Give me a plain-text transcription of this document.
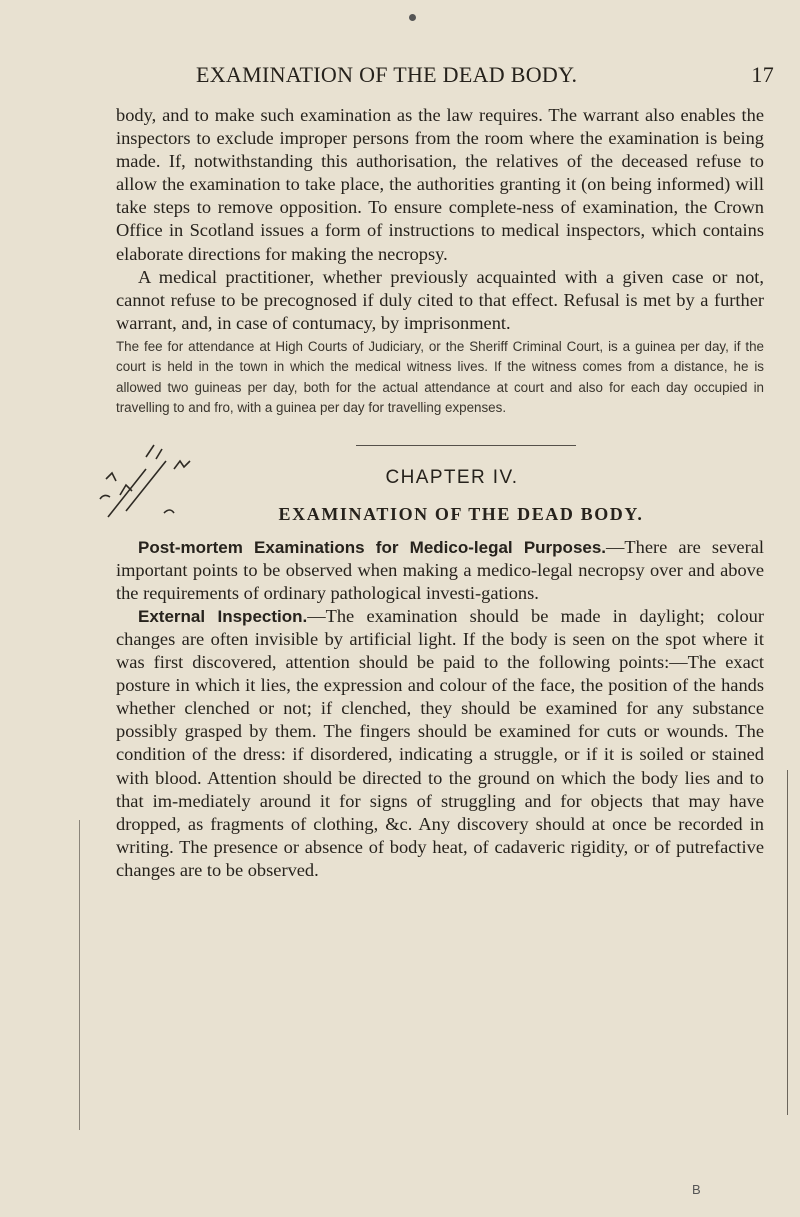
EXAMINATION OF THE DEAD BODY.	17

body, and to make such examination as the law requires. The warrant also enables the inspectors to exclude improper persons from the room where the examination is being made. If, notwithstanding this authorisation, the relatives of the deceased refuse to allow the examination to take place, the authorities granting it (on being informed) will take steps to remove opposition. To ensure complete-ness of examination, the Crown Office in Scotland issues a form of instructions to medical inspectors, which contains elaborate directions for making the necropsy.

A medical practitioner, whether previously acquainted with a given case or not, cannot refuse to be precognosed if duly cited to that effect. Refusal is met by a further warrant, and, in case of contumacy, by imprisonment.

The fee for attendance at High Courts of Judiciary, or the Sheriff Criminal Court, is a guinea per day, if the court is held in the town in which the medical witness lives. If the witness comes from a distance, he is allowed two guineas per day, both for the actual attendance at court and also for each day occupied in travelling to and fro, with a guinea per day for travelling expenses.

CHAPTER IV.
EXAMINATION OF THE DEAD BODY.

Post-mortem Examinations for Medico-legal Purposes.—There are several important points to be observed when making a medico-legal necropsy over and above the requirements of ordinary pathological investi-gations.

External Inspection.—The examination should be made in daylight; colour changes are often invisible by artificial light. If the body is seen on the spot where it was first discovered, attention should be paid to the following points:—The exact posture in which it lies, the expression and colour of the face, the position of the hands whether clenched or not; if clenched, they should be examined for any substance possibly grasped by them. The fingers should be examined for cuts or wounds. The condition of the dress: if disordered, indicating a struggle, or if it is soiled or stained with blood. Attention should be directed to the ground on which the body lies and to that im-mediately around it for signs of struggling and for objects that may have dropped, as fragments of clothing, &c. Any discovery should at once be recorded in writing. The presence or absence of body heat, of cadaveric rigidity, or of putrefactive changes are to be observed.

B
